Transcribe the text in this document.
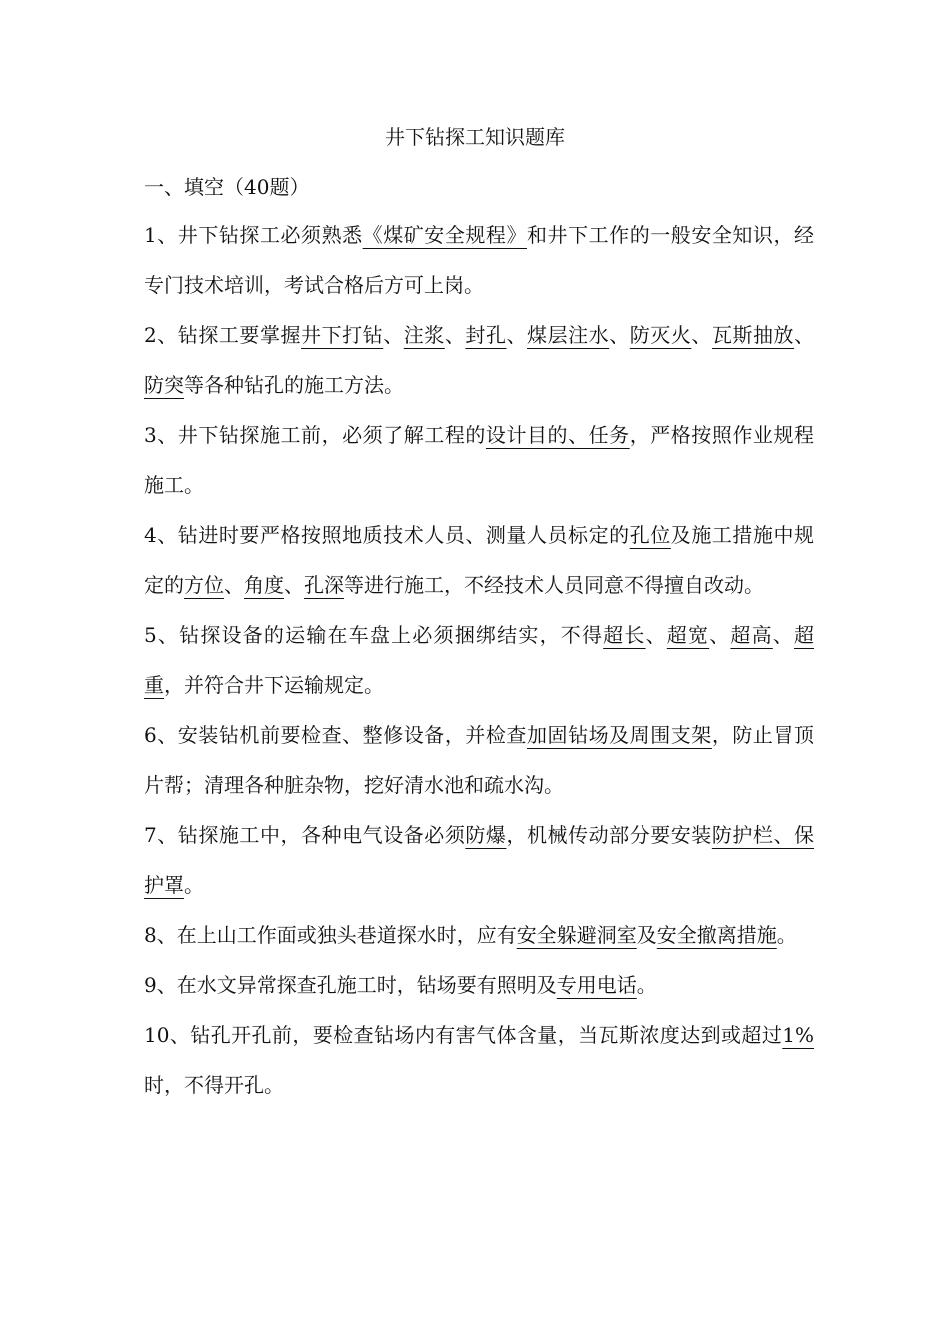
井下钻探工知识题库
一、填空（40题）

1、井下钻探工必须熟悉《煤矿安全规程》和井下工作的一般安全知识，经专门技术培训，考试合格后方可上岗。

2、钻探工要掌握井下打钻、注浆、封孔、煤层注水、防灭火、瓦斯抽放、防突等各种钻孔的施工方法。

3、井下钻探施工前，必须了解工程的设计目的、任务，严格按照作业规程施工。

4、钻进时要严格按照地质技术人员、测量人员标定的孔位及施工措施中规定的方位、角度、孔深等进行施工，不经技术人员同意不得擅自改动。

5、钻探设备的运输在车盘上必须捆绑结实，不得超长、超宽、超高、超重，并符合井下运输规定。

6、安装钻机前要检查、整修设备，并检查加固钻场及周围支架，防止冒顶片帮；清理各种脏杂物，挖好清水池和疏水沟。

7、钻探施工中，各种电气设备必须防爆，机械传动部分要安装防护栏、保护罩。

8、在上山工作面或独头巷道探水时，应有安全躲避洞室及安全撤离措施。

9、在水文异常探查孔施工时，钻场要有照明及专用电话。

10、钻孔开孔前，要检查钻场内有害气体含量，当瓦斯浓度达到或超过1%时，不得开孔。
